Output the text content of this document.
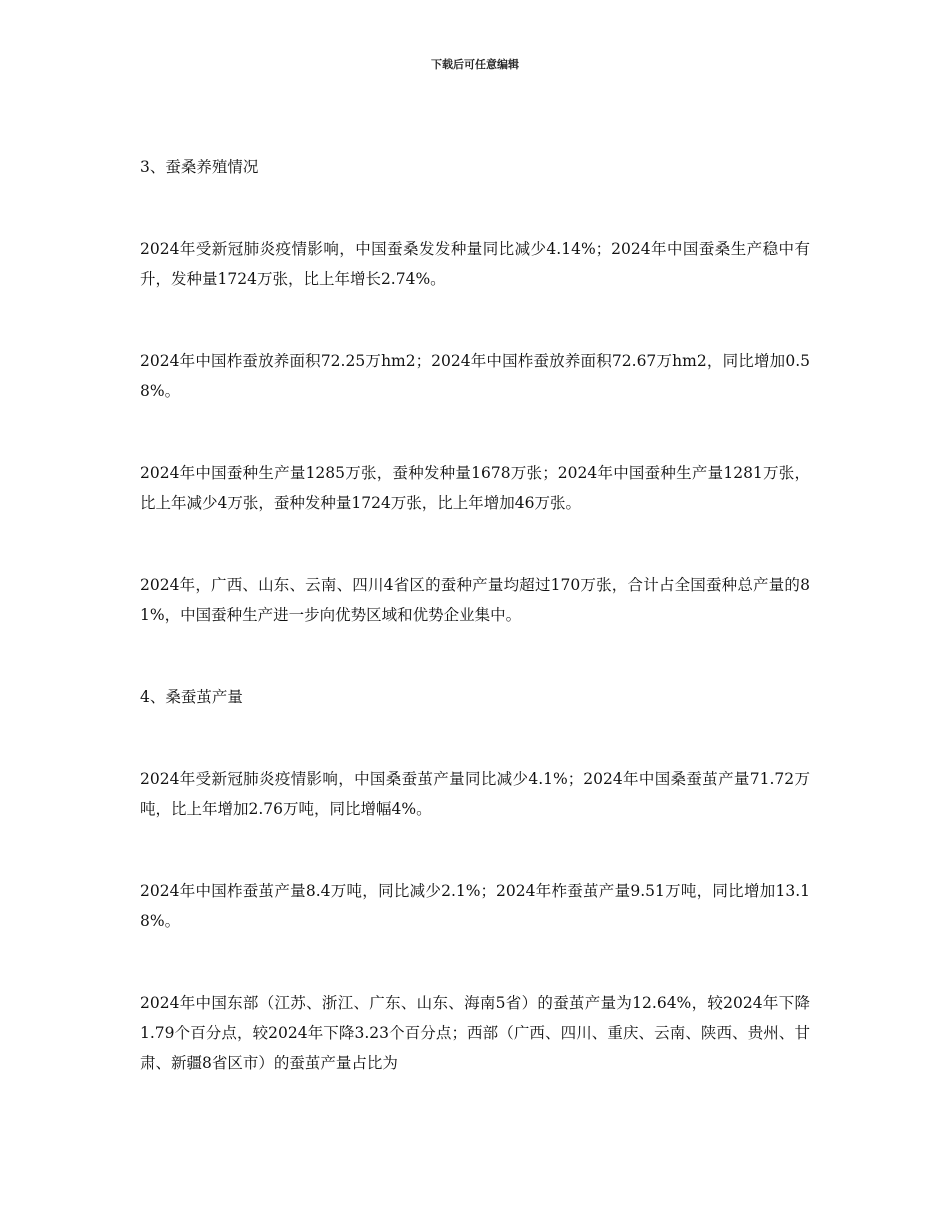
下载后可任意编辑

3、蚕桑养殖情况

2024年受新冠肺炎疫情影响，中国蚕桑发发种量同比减少4.14%；2024年中国蚕桑生产稳中有升，发种量1724万张，比上年增长2.74%。

2024年中国柞蚕放养面积72.25万hm2；2024年中国柞蚕放养面积72.67万hm2，同比增加0.58%。

2024年中国蚕种生产量1285万张，蚕种发种量1678万张；2024年中国蚕种生产量1281万张，比上年减少4万张，蚕种发种量1724万张，比上年增加46万张。

2024年，广西、山东、云南、四川4省区的蚕种产量均超过170万张，合计占全国蚕种总产量的81%，中国蚕种生产进一步向优势区域和优势企业集中。

4、桑蚕茧产量

2024年受新冠肺炎疫情影响，中国桑蚕茧产量同比减少4.1%；2024年中国桑蚕茧产量71.72万吨，比上年增加2.76万吨，同比增幅4%。

2024年中国柞蚕茧产量8.4万吨，同比减少2.1%；2024年柞蚕茧产量9.51万吨，同比增加13.18%。

2024年中国东部（江苏、浙江、广东、山东、海南5省）的蚕茧产量为12.64%，较2024年下降1.79个百分点，较2024年下降3.23个百分点；西部（广西、四川、重庆、云南、陕西、贵州、甘肃、新疆8省区市）的蚕茧产量占比为
